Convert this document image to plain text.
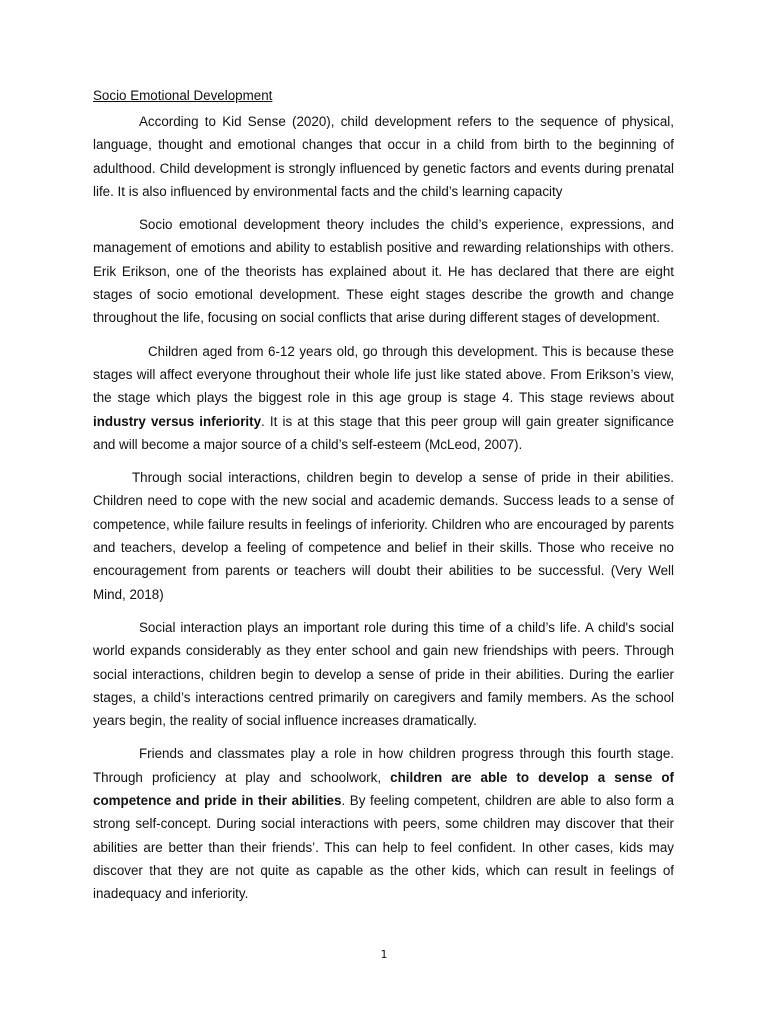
Socio Emotional Development

According to Kid Sense (2020), child development refers to the sequence of physical, language, thought and emotional changes that occur in a child from birth to the beginning of adulthood. Child development is strongly influenced by genetic factors and events during prenatal life. It is also influenced by environmental facts and the child’s learning capacity

Socio emotional development theory includes the child’s experience, expressions, and management of emotions and ability to establish positive and rewarding relationships with others. Erik Erikson, one of the theorists has explained about it. He has declared that there are eight stages of socio emotional development. These eight stages describe the growth and change throughout the life, focusing on social conflicts that arise during different stages of development.

Children aged from 6-12 years old, go through this development. This is because these stages will affect everyone throughout their whole life just like stated above. From Erikson’s view, the stage which plays the biggest role in this age group is stage 4. This stage reviews about industry versus inferiority. It is at this stage that this peer group will gain greater significance and will become a major source of a child’s self-esteem (McLeod, 2007).

Through social interactions, children begin to develop a sense of pride in their abilities. Children need to cope with the new social and academic demands. Success leads to a sense of competence, while failure results in feelings of inferiority. Children who are encouraged by parents and teachers, develop a feeling of competence and belief in their skills. Those who receive no encouragement from parents or teachers will doubt their abilities to be successful. (Very Well Mind, 2018)

Social interaction plays an important role during this time of a child’s life. A child's social world expands considerably as they enter school and gain new friendships with peers. Through social interactions, children begin to develop a sense of pride in their abilities. During the earlier stages, a child’s interactions centred primarily on caregivers and family members. As the school years begin, the reality of social influence increases dramatically.

Friends and classmates play a role in how children progress through this fourth stage. Through proficiency at play and schoolwork, children are able to develop a sense of competence and pride in their abilities. By feeling competent, children are able to also form a strong self-concept. During social interactions with peers, some children may discover that their abilities are better than their friends’. This can help to feel confident. In other cases, kids may discover that they are not quite as capable as the other kids, which can result in feelings of inadequacy and inferiority.

1
